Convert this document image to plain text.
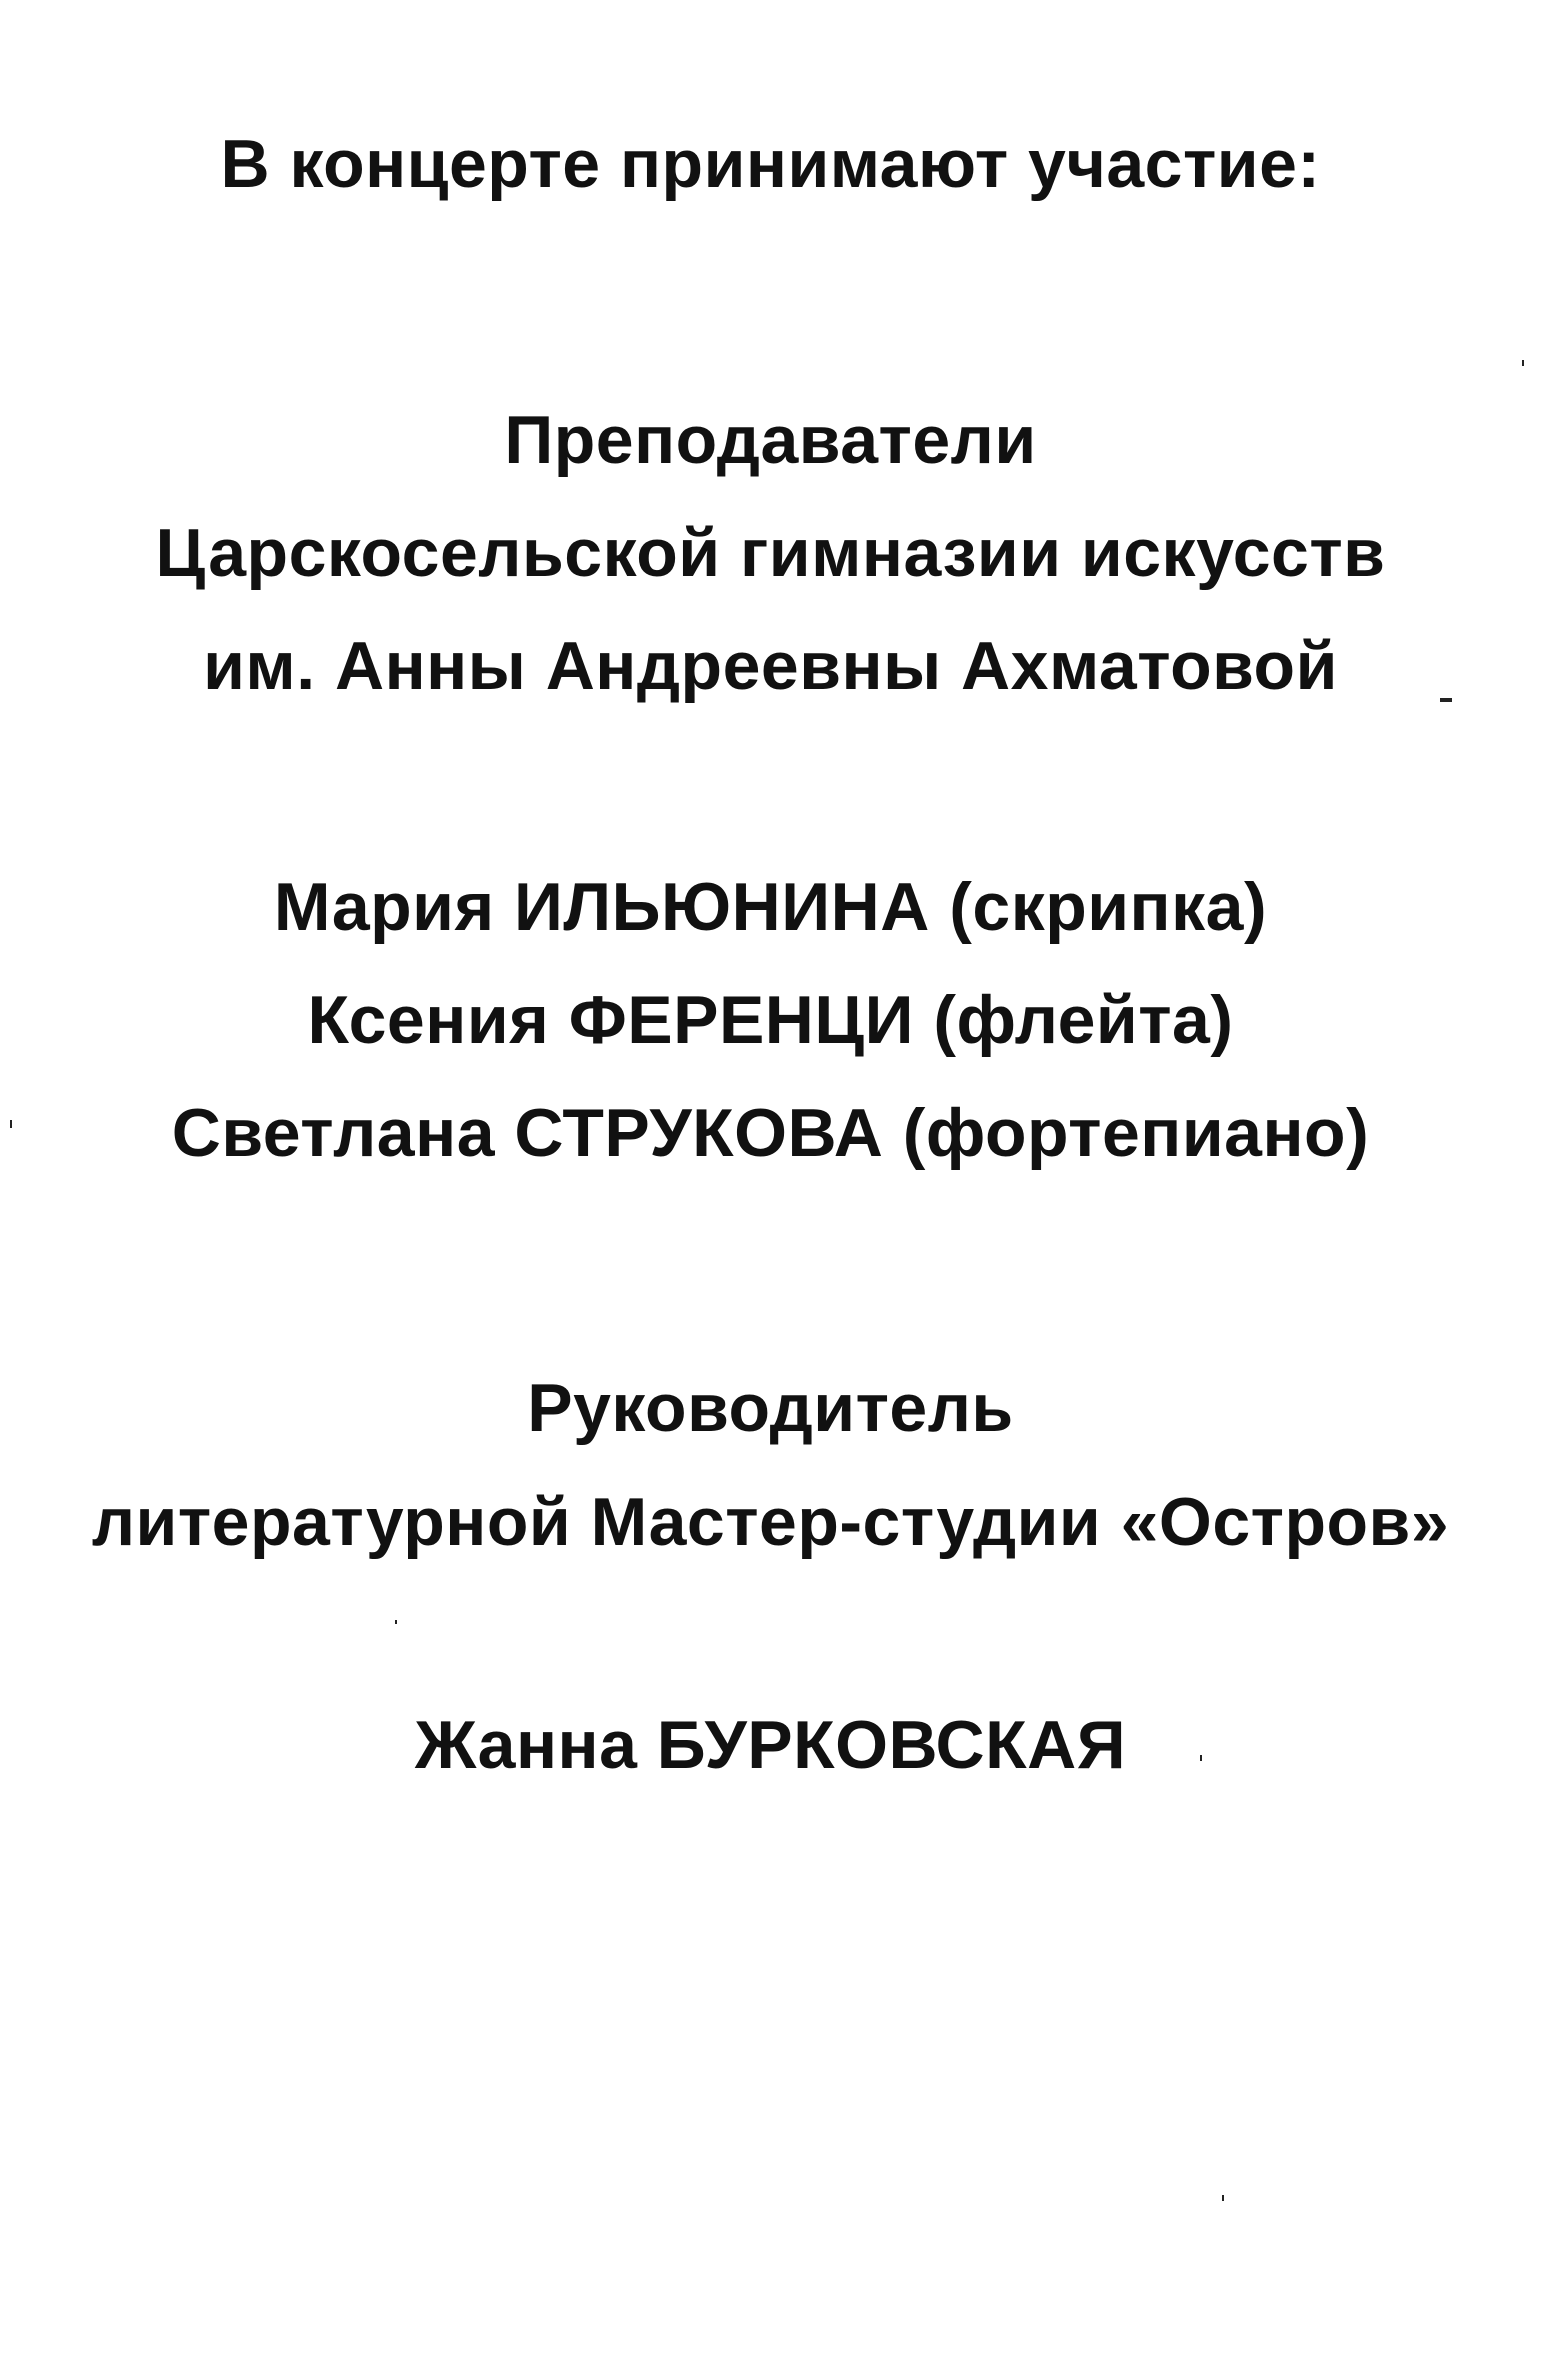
В концерте принимают участие:
Преподаватели
Царскосельской гимназии искусств
им. Анны Андреевны Ахматовой
Мария ИЛЬЮНИНА (скрипка)
Ксения ФЕРЕНЦИ (флейта)
Светлана СТРУКОВА (фортепиано)
Руководитель
литературной Мастер-студии «Остров»
Жанна БУРКОВСКАЯ
